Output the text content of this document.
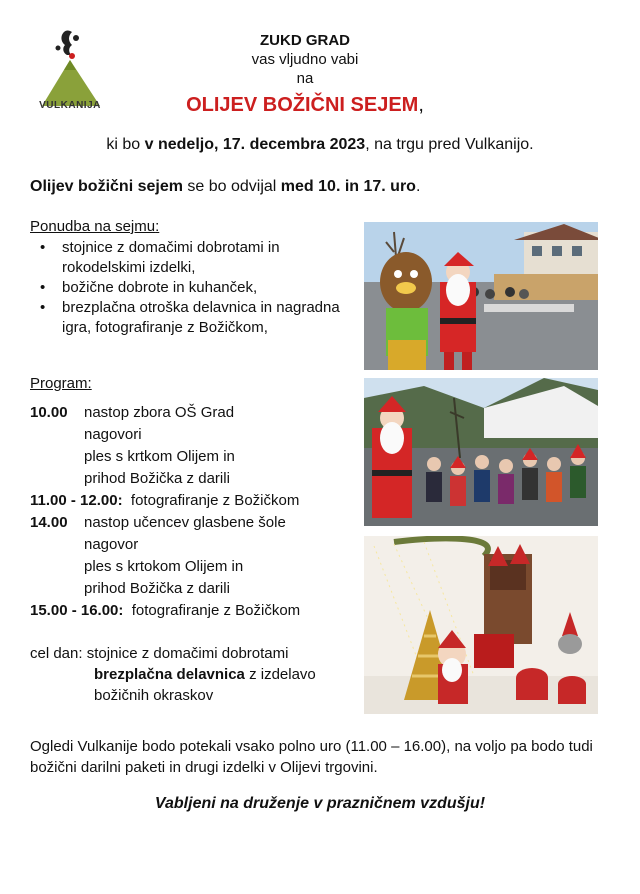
VULKANIJA
ZUKD GRAD
vas vljudno vabi
na
OLIJEV BOŽIČNI SEJEM,
ki bo v nedeljo, 17. decembra 2023, na trgu pred Vulkanijo.
Olijev božični sejem se bo odvijal med 10. in 17. uro.
Ponudba na sejmu:
• stojnice z domačimi dobrotami in rokodelskimi izdelki,
• božične dobrote in kuhanček,
• brezplačna otroška delavnica in nagradna igra, fotografiranje z Božičkom,
Program:
10.00 nastop zbora OŠ Grad
nagovori
ples s krtkom Olijem in
prihod Božička z darili
11.00 - 12.00: fotografiranje z Božičkom
14.00 nastop učencev glasbene šole
nagovor
ples s krtokom Olijem in
prihod Božička z darili
15.00 - 16.00: fotografiranje z Božičkom
cel dan: stojnice z domačimi dobrotami
brezplačna delavnica z izdelavo
božičnih okraskov
Ogledi Vulkanije bodo potekali vsako polno uro (11.00 – 16.00), na voljo pa bodo tudi božični darilni paketi in drugi izdelki v Olijevi trgovini.
Vabljeni na druženje v prazničnem vzdušju!
